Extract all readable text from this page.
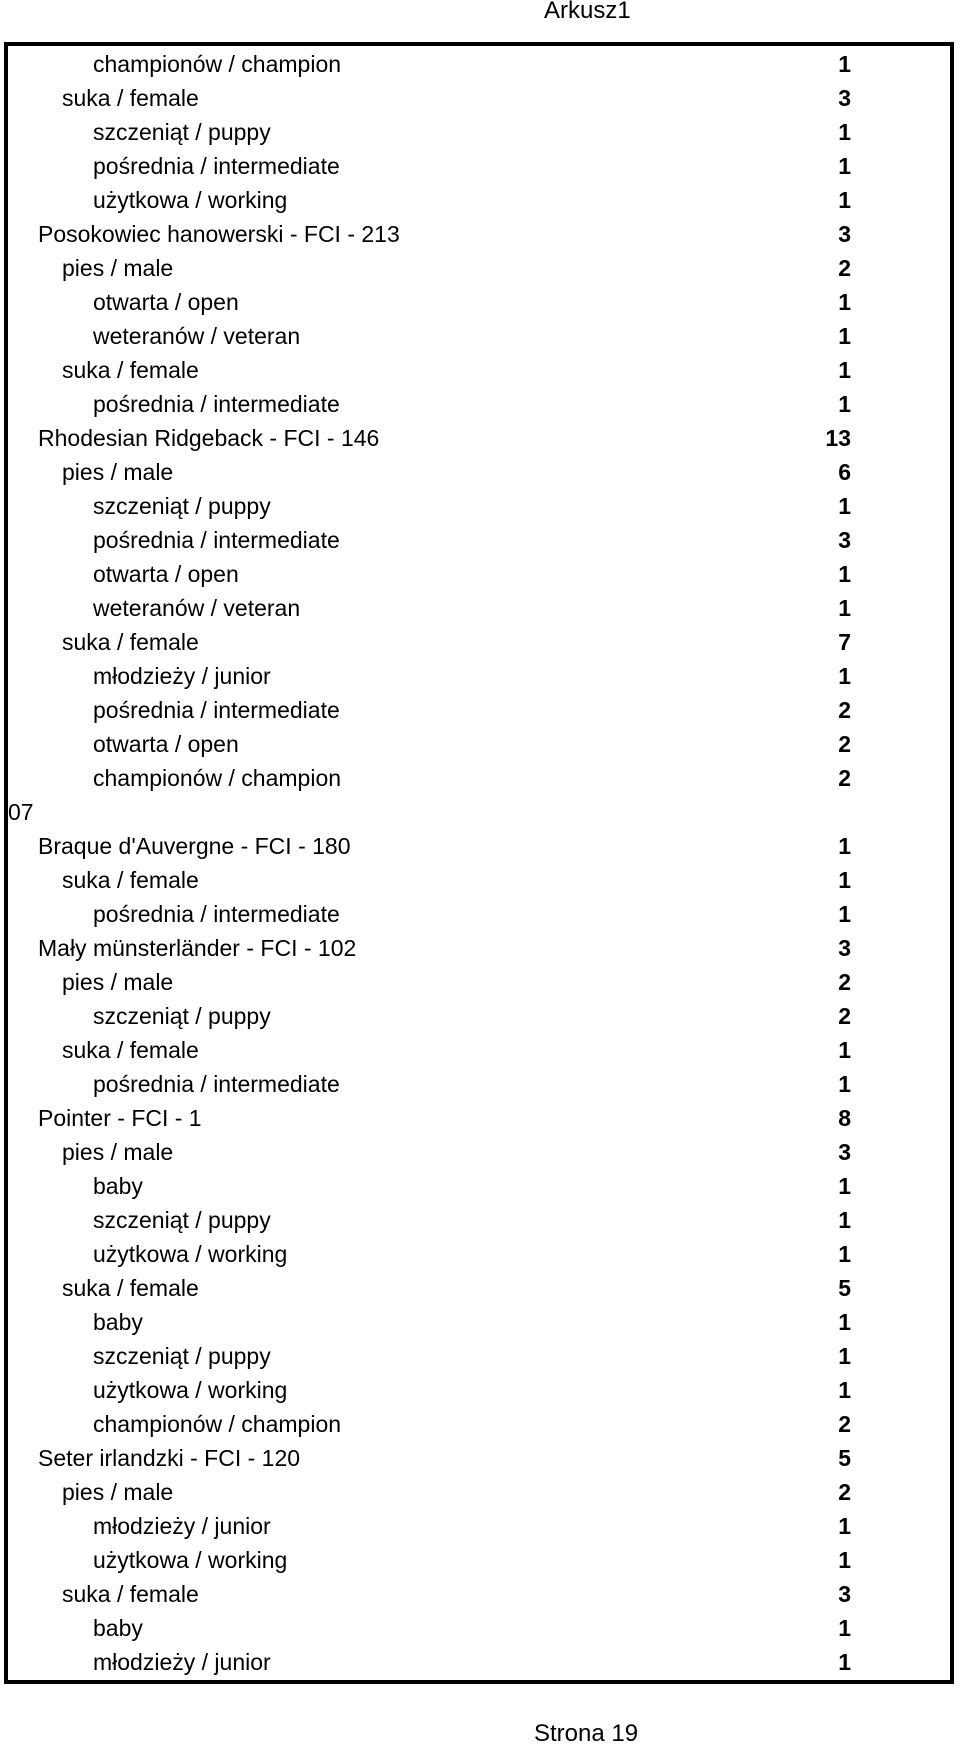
Arkusz1
championów / champion	1
suka / female	3
szczeniąt / puppy	1
pośrednia / intermediate	1
użytkowa / working	1
Posokowiec hanowerski - FCI - 213	3
pies / male	2
otwarta / open	1
weteranów / veteran	1
suka / female	1
pośrednia / intermediate	1
Rhodesian Ridgeback - FCI - 146	13
pies / male	6
szczeniąt / puppy	1
pośrednia / intermediate	3
otwarta / open	1
weteranów / veteran	1
suka / female	7
młodzieży / junior	1
pośrednia / intermediate	2
otwarta / open	2
championów / champion	2
07
Braque d'Auvergne - FCI - 180	1
suka / female	1
pośrednia / intermediate	1
Mały münsterländer - FCI - 102	3
pies / male	2
szczeniąt / puppy	2
suka / female	1
pośrednia / intermediate	1
Pointer - FCI - 1	8
pies / male	3
baby	1
szczeniąt / puppy	1
użytkowa / working	1
suka / female	5
baby	1
szczeniąt / puppy	1
użytkowa / working	1
championów / champion	2
Seter irlandzki - FCI - 120	5
pies / male	2
młodzieży / junior	1
użytkowa / working	1
suka / female	3
baby	1
młodzieży / junior	1
Strona 19
